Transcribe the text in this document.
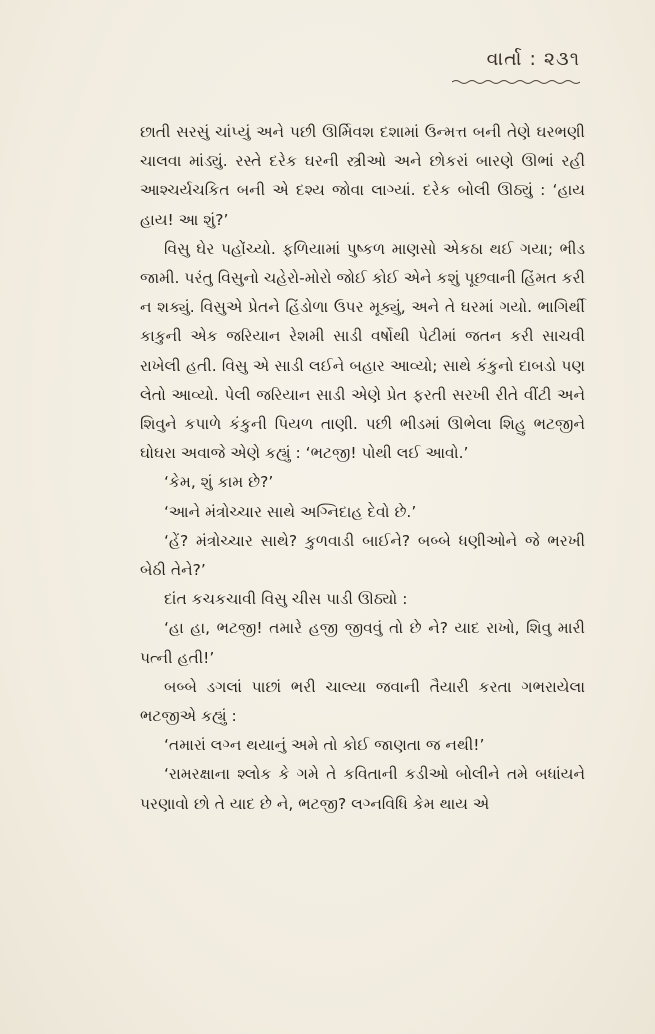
વાર્તા : ૨૩૧

છાતી સરસું ચાંપ્યું અને પછી ઊર્મિવશ દશામાં ઉન્મત્ત બની તેણે ઘરભણી ચાલવા માંડ્યું. રસ્તે દરેક ઘરની સ્ત્રીઓ અને છોકરાં બારણે ઊભાં રહી આશ્ચર્યચકિત બની એ દશ્ય જોવા લાગ્યાં. દરેક બોલી ઊઠ્યું : ‘હાય હાય! આ શું?’

વિસુ ઘેર પહોંચ્યો. ફળિયામાં પુષ્કળ માણસો એકઠા થઈ ગયા; ભીડ જામી. પરંતુ વિસુનો ચહેરો-મોરો જોઈ કોઈ એને કશું પૂછવાની હિંમત કરી ન શક્યું. વિસુએ પ્રેતને હિંડોળા ઉપર મૂક્યું, અને તે ઘરમાં ગયો. ભાગિર્થી કાકુની એક જરિયાન રેશમી સાડી વર્ષોથી પેટીમાં જતન કરી સાચવી રાખેલી હતી. વિસુ એ સાડી લઈને બહાર આવ્યો; સાથે કંકુનો દાબડો પણ લેતો આવ્યો. પેલી જરિયાન સાડી એણે પ્રેત ફરતી સરખી રીતે વીંટી અને શિવુને કપાળે કંકુની પિયળ તાણી. પછી ભીડમાં ઊભેલા શિહુ ભટજીને ઘોઘરા અવાજે એણે કહ્યું : ‘ભટજી! પોથી લઈ આવો.’

‘કેમ, શું કામ છે?’

‘આને મંત્રોચ્ચાર સાથે અગ્નિદાહ દેવો છે.’

‘હેં? મંત્રોચ્ચાર સાથે? કુળવાડી બાઈને? બબ્બે ધણીઓને જે ભરખી બેઠી તેને?’

દાંત કચકચાવી વિસુ ચીસ પાડી ઊઠ્યો :

‘હા હા, ભટજી! તમારે હજી જીવવું તો છે ને? યાદ રાખો, શિવુ મારી પત્ની હતી!’

બબ્બે ડગલાં પાછાં ભરી ચાલ્યા જવાની તૈયારી કરતા ગભરાયેલા ભટજીએ કહ્યું :

‘તમારાં લગ્ન થયાનું અમે તો કોઈ જાણતા જ નથી!’

‘રામરક્ષાના શ્લોક કે ગમે તે કવિતાની કડીઓ બોલીને તમે બધાંયને પરણાવો છો તે યાદ છે ને, ભટજી? લગ્નવિધિ કેમ થાય એ
